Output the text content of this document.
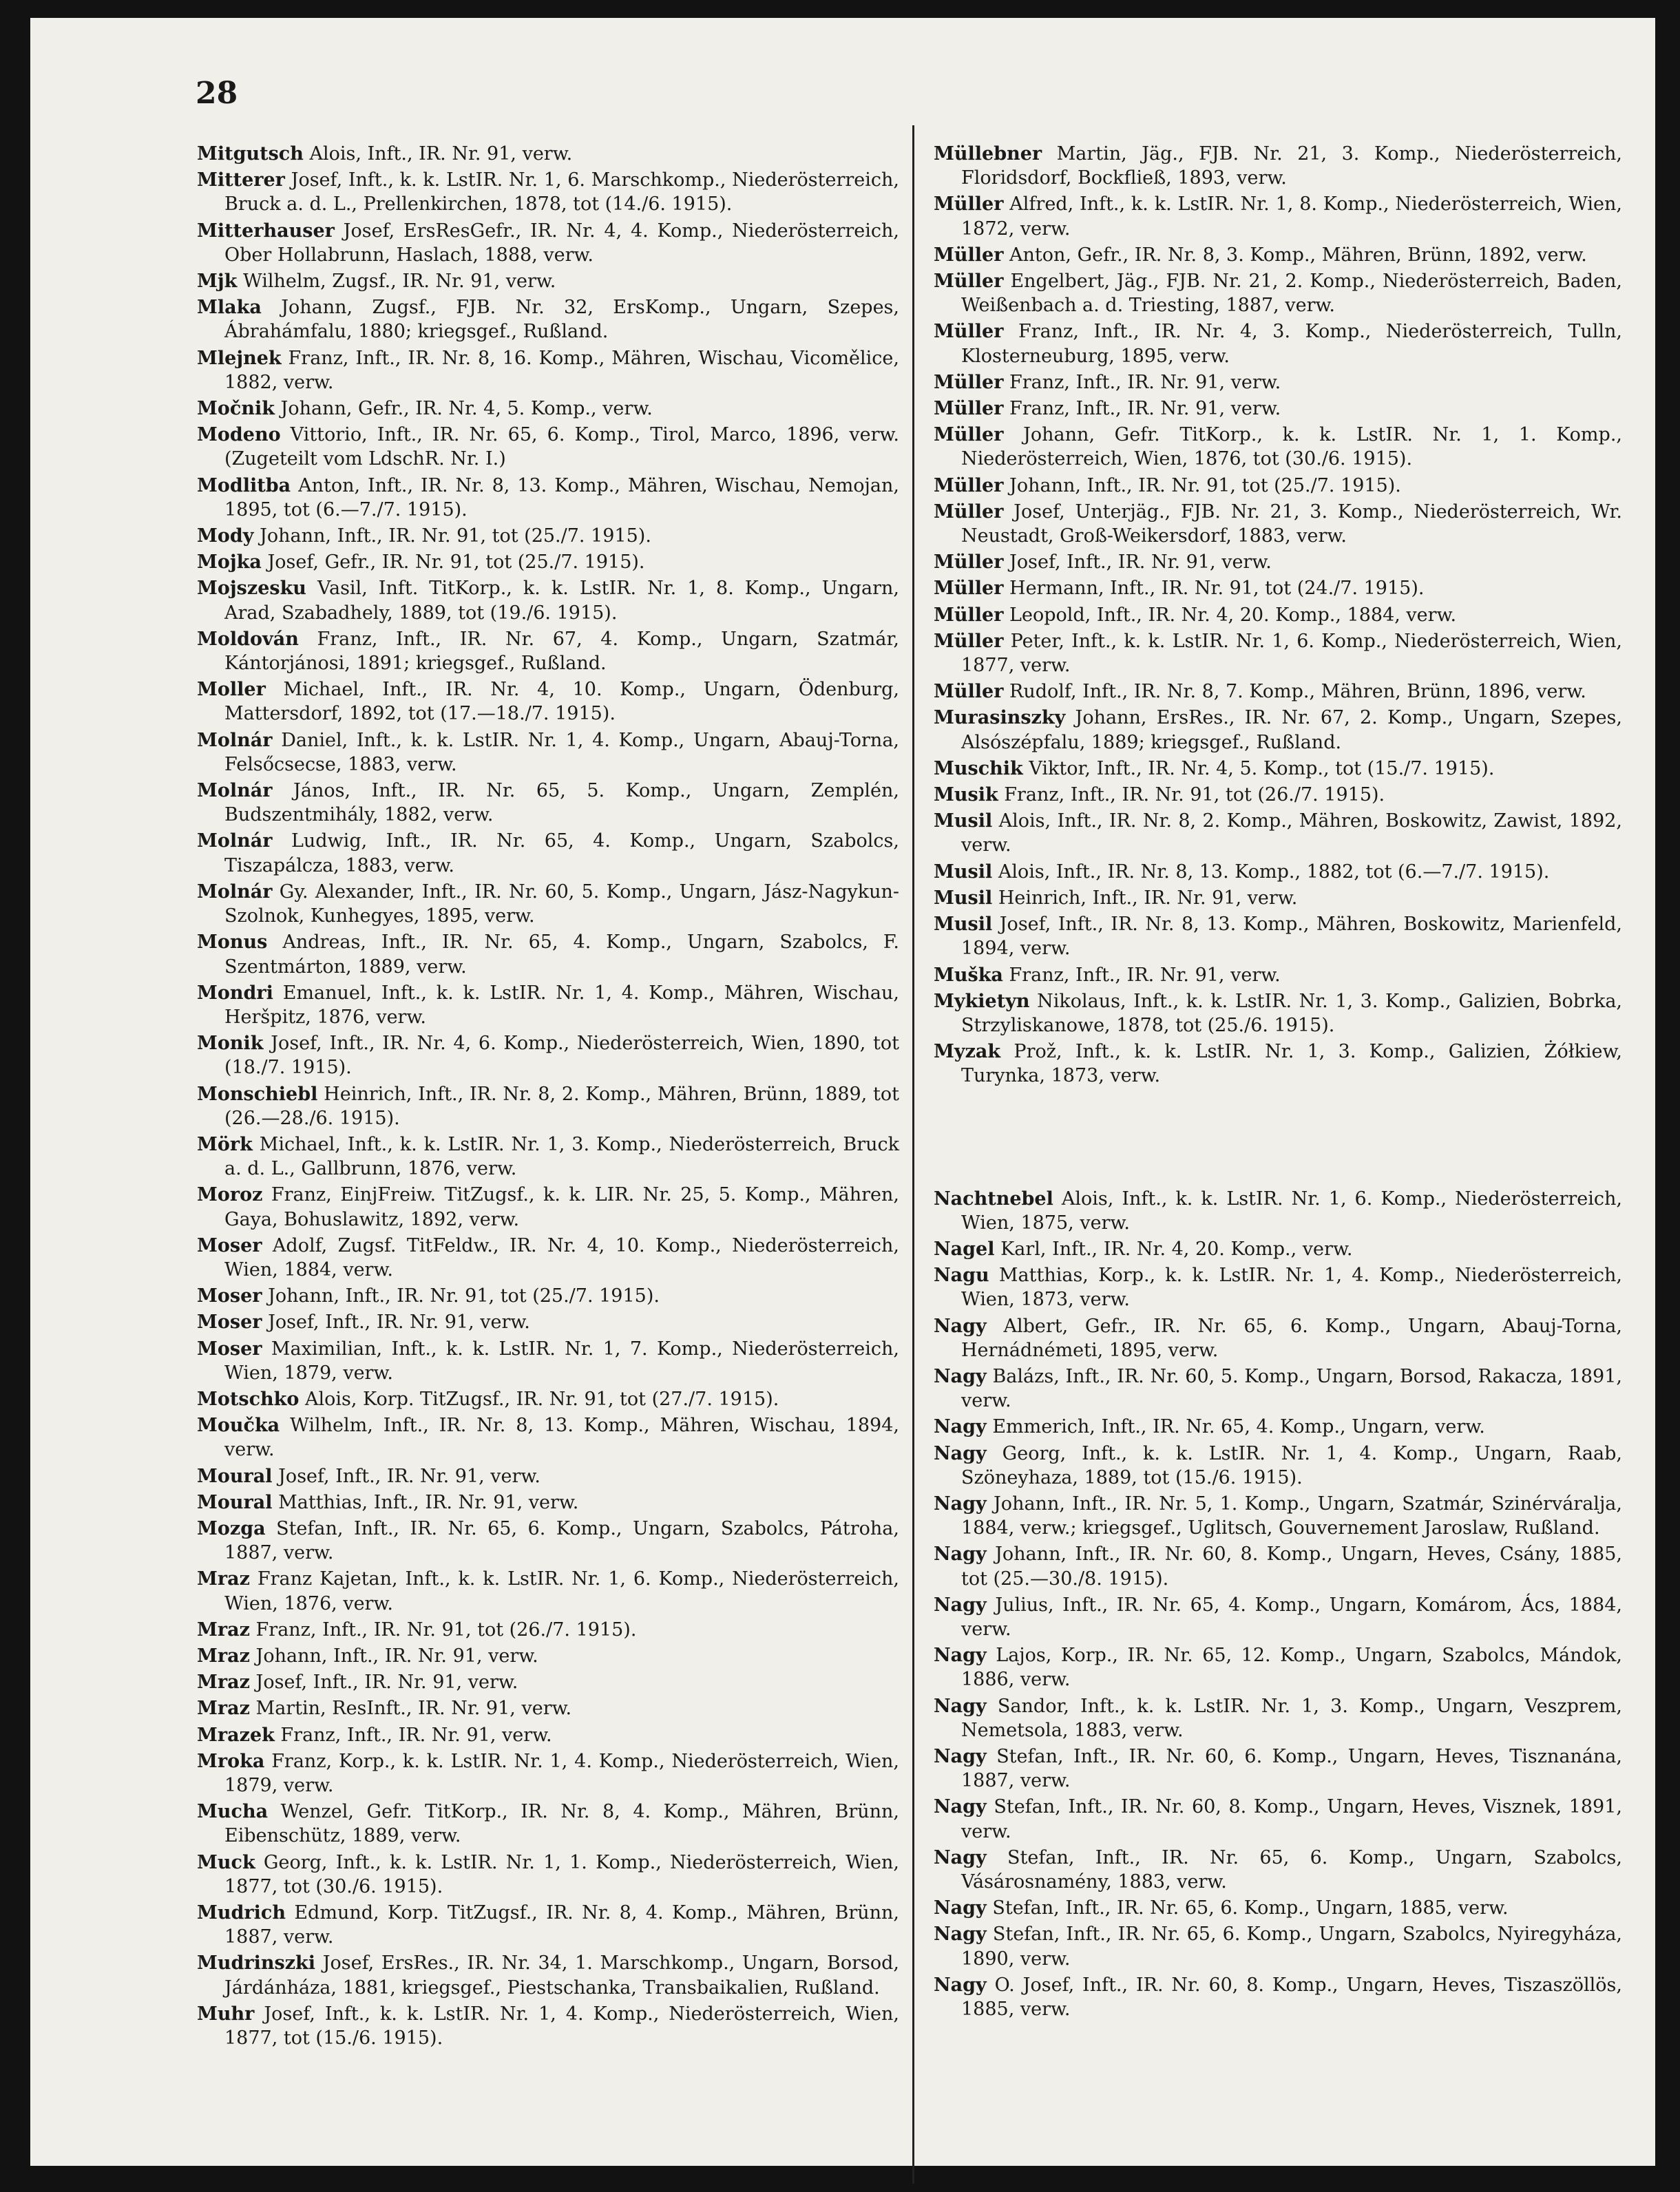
28

Mitgutsch Alois, Inft., IR. Nr. 91, verw.

Mitterer Josef, Inft., k. k. LstIR. Nr. 1, 6. Marschkomp., Niederösterreich, Bruck a. d. L., Prellenkirchen, 1878, tot (14./6. 1915).

Mitterhauser Josef, ErsResGefr., IR. Nr. 4, 4. Komp., Niederösterreich, Ober Hollabrunn, Haslach, 1888, verw.

Mjk Wilhelm, Zugsf., IR. Nr. 91, verw.

Mlaka Johann, Zugsf., FJB. Nr. 32, ErsKomp., Ungarn, Szepes, Ábrahámfalu, 1880; kriegsgef., Rußland.

Mlejnek Franz, Inft., IR. Nr. 8, 16. Komp., Mähren, Wischau, Vicomělice, 1882, verw.

Močnik Johann, Gefr., IR. Nr. 4, 5. Komp., verw.

Modeno Vittorio, Inft., IR. Nr. 65, 6. Komp., Tirol, Marco, 1896, verw. (Zugeteilt vom LdschR. Nr. I.)

Modlitba Anton, Inft., IR. Nr. 8, 13. Komp., Mähren, Wischau, Nemojan, 1895, tot (6.—7./7. 1915).

Mody Johann, Inft., IR. Nr. 91, tot (25./7. 1915).

Mojka Josef, Gefr., IR. Nr. 91, tot (25./7. 1915).

Mojszesku Vasil, Inft. TitKorp., k. k. LstIR. Nr. 1, 8. Komp., Ungarn, Arad, Szabadhely, 1889, tot (19./6. 1915).

Moldován Franz, Inft., IR. Nr. 67, 4. Komp., Ungarn, Szatmár, Kántorjánosi, 1891; kriegsgef., Rußland.

Moller Michael, Inft., IR. Nr. 4, 10. Komp., Ungarn, Ödenburg, Mattersdorf, 1892, tot (17.—18./7. 1915).

Molnár Daniel, Inft., k. k. LstIR. Nr. 1, 4. Komp., Ungarn, Abauj-Torna, Felsőcsecse, 1883, verw.

Molnár János, Inft., IR. Nr. 65, 5. Komp., Ungarn, Zemplén, Budszentmihály, 1882, verw.

Molnár Ludwig, Inft., IR. Nr. 65, 4. Komp., Ungarn, Szabolcs, Tiszapálcza, 1883, verw.

Molnár Gy. Alexander, Inft., IR. Nr. 60, 5. Komp., Ungarn, Jász-Nagykun-Szolnok, Kunhegyes, 1895, verw.

Monus Andreas, Inft., IR. Nr. 65, 4. Komp., Ungarn, Szabolcs, F. Szentmárton, 1889, verw.

Mondri Emanuel, Inft., k. k. LstIR. Nr. 1, 4. Komp., Mähren, Wischau, Heršpitz, 1876, verw.

Monik Josef, Inft., IR. Nr. 4, 6. Komp., Niederösterreich, Wien, 1890, tot (18./7. 1915).

Monschiebl Heinrich, Inft., IR. Nr. 8, 2. Komp., Mähren, Brünn, 1889, tot (26.—28./6. 1915).

Mörk Michael, Inft., k. k. LstIR. Nr. 1, 3. Komp., Niederösterreich, Bruck a. d. L., Gallbrunn, 1876, verw.

Moroz Franz, EinjFreiw. TitZugsf., k. k. LIR. Nr. 25, 5. Komp., Mähren, Gaya, Bohuslawitz, 1892, verw.

Moser Adolf, Zugsf. TitFeldw., IR. Nr. 4, 10. Komp., Niederösterreich, Wien, 1884, verw.

Moser Johann, Inft., IR. Nr. 91, tot (25./7. 1915).

Moser Josef, Inft., IR. Nr. 91, verw.

Moser Maximilian, Inft., k. k. LstIR. Nr. 1, 7. Komp., Niederösterreich, Wien, 1879, verw.

Motschko Alois, Korp. TitZugsf., IR. Nr. 91, tot (27./7. 1915).

Moučka Wilhelm, Inft., IR. Nr. 8, 13. Komp., Mähren, Wischau, 1894, verw.

Moural Josef, Inft., IR. Nr. 91, verw.

Moural Matthias, Inft., IR. Nr. 91, verw.

Mozga Stefan, Inft., IR. Nr. 65, 6. Komp., Ungarn, Szabolcs, Pátroha, 1887, verw.

Mraz Franz Kajetan, Inft., k. k. LstIR. Nr. 1, 6. Komp., Niederösterreich, Wien, 1876, verw.

Mraz Franz, Inft., IR. Nr. 91, tot (26./7. 1915).

Mraz Johann, Inft., IR. Nr. 91, verw.

Mraz Josef, Inft., IR. Nr. 91, verw.

Mraz Martin, ResInft., IR. Nr. 91, verw.

Mrazek Franz, Inft., IR. Nr. 91, verw.

Mroka Franz, Korp., k. k. LstIR. Nr. 1, 4. Komp., Niederösterreich, Wien, 1879, verw.

Mucha Wenzel, Gefr. TitKorp., IR. Nr. 8, 4. Komp., Mähren, Brünn, Eibenschütz, 1889, verw.

Muck Georg, Inft., k. k. LstIR. Nr. 1, 1. Komp., Niederösterreich, Wien, 1877, tot (30./6. 1915).

Mudrich Edmund, Korp. TitZugsf., IR. Nr. 8, 4. Komp., Mähren, Brünn, 1887, verw.

Mudrinszki Josef, ErsRes., IR. Nr. 34, 1. Marschkomp., Ungarn, Borsod, Járdánháza, 1881, kriegsgef., Piestschanka, Transbaikalien, Rußland.

Muhr Josef, Inft., k. k. LstIR. Nr. 1, 4. Komp., Niederösterreich, Wien, 1877, tot (15./6. 1915).

Müllebner Martin, Jäg., FJB. Nr. 21, 3. Komp., Niederösterreich, Floridsdorf, Bockfließ, 1893, verw.

Müller Alfred, Inft., k. k. LstIR. Nr. 1, 8. Komp., Niederösterreich, Wien, 1872, verw.

Müller Anton, Gefr., IR. Nr. 8, 3. Komp., Mähren, Brünn, 1892, verw.

Müller Engelbert, Jäg., FJB. Nr. 21, 2. Komp., Niederösterreich, Baden, Weißenbach a. d. Triesting, 1887, verw.

Müller Franz, Inft., IR. Nr. 4, 3. Komp., Niederösterreich, Tulln, Klosterneuburg, 1895, verw.

Müller Franz, Inft., IR. Nr. 91, verw.

Müller Franz, Inft., IR. Nr. 91, verw.

Müller Johann, Gefr. TitKorp., k. k. LstIR. Nr. 1, 1. Komp., Niederösterreich, Wien, 1876, tot (30./6. 1915).

Müller Johann, Inft., IR. Nr. 91, tot (25./7. 1915).

Müller Josef, Unterjäg., FJB. Nr. 21, 3. Komp., Niederösterreich, Wr. Neustadt, Groß-Weikersdorf, 1883, verw.

Müller Josef, Inft., IR. Nr. 91, verw.

Müller Hermann, Inft., IR. Nr. 91, tot (24./7. 1915).

Müller Leopold, Inft., IR. Nr. 4, 20. Komp., 1884, verw.

Müller Peter, Inft., k. k. LstIR. Nr. 1, 6. Komp., Niederösterreich, Wien, 1877, verw.

Müller Rudolf, Inft., IR. Nr. 8, 7. Komp., Mähren, Brünn, 1896, verw.

Murasinszky Johann, ErsRes., IR. Nr. 67, 2. Komp., Ungarn, Szepes, Alsószépfalu, 1889; kriegsgef., Rußland.

Muschik Viktor, Inft., IR. Nr. 4, 5. Komp., tot (15./7. 1915).

Musik Franz, Inft., IR. Nr. 91, tot (26./7. 1915).

Musil Alois, Inft., IR. Nr. 8, 2. Komp., Mähren, Boskowitz, Zawist, 1892, verw.

Musil Alois, Inft., IR. Nr. 8, 13. Komp., 1882, tot (6.—7./7. 1915).

Musil Heinrich, Inft., IR. Nr. 91, verw.

Musil Josef, Inft., IR. Nr. 8, 13. Komp., Mähren, Boskowitz, Marienfeld, 1894, verw.

Muška Franz, Inft., IR. Nr. 91, verw.

Mykietyn Nikolaus, Inft., k. k. LstIR. Nr. 1, 3. Komp., Galizien, Bobrka, Strzyliskanowe, 1878, tot (25./6. 1915).

Myzak Prož, Inft., k. k. LstIR. Nr. 1, 3. Komp., Galizien, Żółkiew, Turynka, 1873, verw.

Nachtnebel Alois, Inft., k. k. LstIR. Nr. 1, 6. Komp., Niederösterreich, Wien, 1875, verw.

Nagel Karl, Inft., IR. Nr. 4, 20. Komp., verw.

Nagu Matthias, Korp., k. k. LstIR. Nr. 1, 4. Komp., Niederösterreich, Wien, 1873, verw.

Nagy Albert, Gefr., IR. Nr. 65, 6. Komp., Ungarn, Abauj-Torna, Hernádnémeti, 1895, verw.

Nagy Balázs, Inft., IR. Nr. 60, 5. Komp., Ungarn, Borsod, Rakacza, 1891, verw.

Nagy Emmerich, Inft., IR. Nr. 65, 4. Komp., Ungarn, verw.

Nagy Georg, Inft., k. k. LstIR. Nr. 1, 4. Komp., Ungarn, Raab, Szöneyhaza, 1889, tot (15./6. 1915).

Nagy Johann, Inft., IR. Nr. 5, 1. Komp., Ungarn, Szatmár, Szinérváralja, 1884, verw.; kriegsgef., Uglitsch, Gouvernement Jaroslaw, Rußland.

Nagy Johann, Inft., IR. Nr. 60, 8. Komp., Ungarn, Heves, Csány, 1885, tot (25.—30./8. 1915).

Nagy Julius, Inft., IR. Nr. 65, 4. Komp., Ungarn, Komárom, Ács, 1884, verw.

Nagy Lajos, Korp., IR. Nr. 65, 12. Komp., Ungarn, Szabolcs, Mándok, 1886, verw.

Nagy Sandor, Inft., k. k. LstIR. Nr. 1, 3. Komp., Ungarn, Veszprem, Nemetsola, 1883, verw.

Nagy Stefan, Inft., IR. Nr. 60, 6. Komp., Ungarn, Heves, Tisznanána, 1887, verw.

Nagy Stefan, Inft., IR. Nr. 60, 8. Komp., Ungarn, Heves, Visznek, 1891, verw.

Nagy Stefan, Inft., IR. Nr. 65, 6. Komp., Ungarn, Szabolcs, Vásárosnamény, 1883, verw.

Nagy Stefan, Inft., IR. Nr. 65, 6. Komp., Ungarn, 1885, verw.

Nagy Stefan, Inft., IR. Nr. 65, 6. Komp., Ungarn, Szabolcs, Nyiregyháza, 1890, verw.

Nagy O. Josef, Inft., IR. Nr. 60, 8. Komp., Ungarn, Heves, Tiszaszöllös, 1885, verw.
